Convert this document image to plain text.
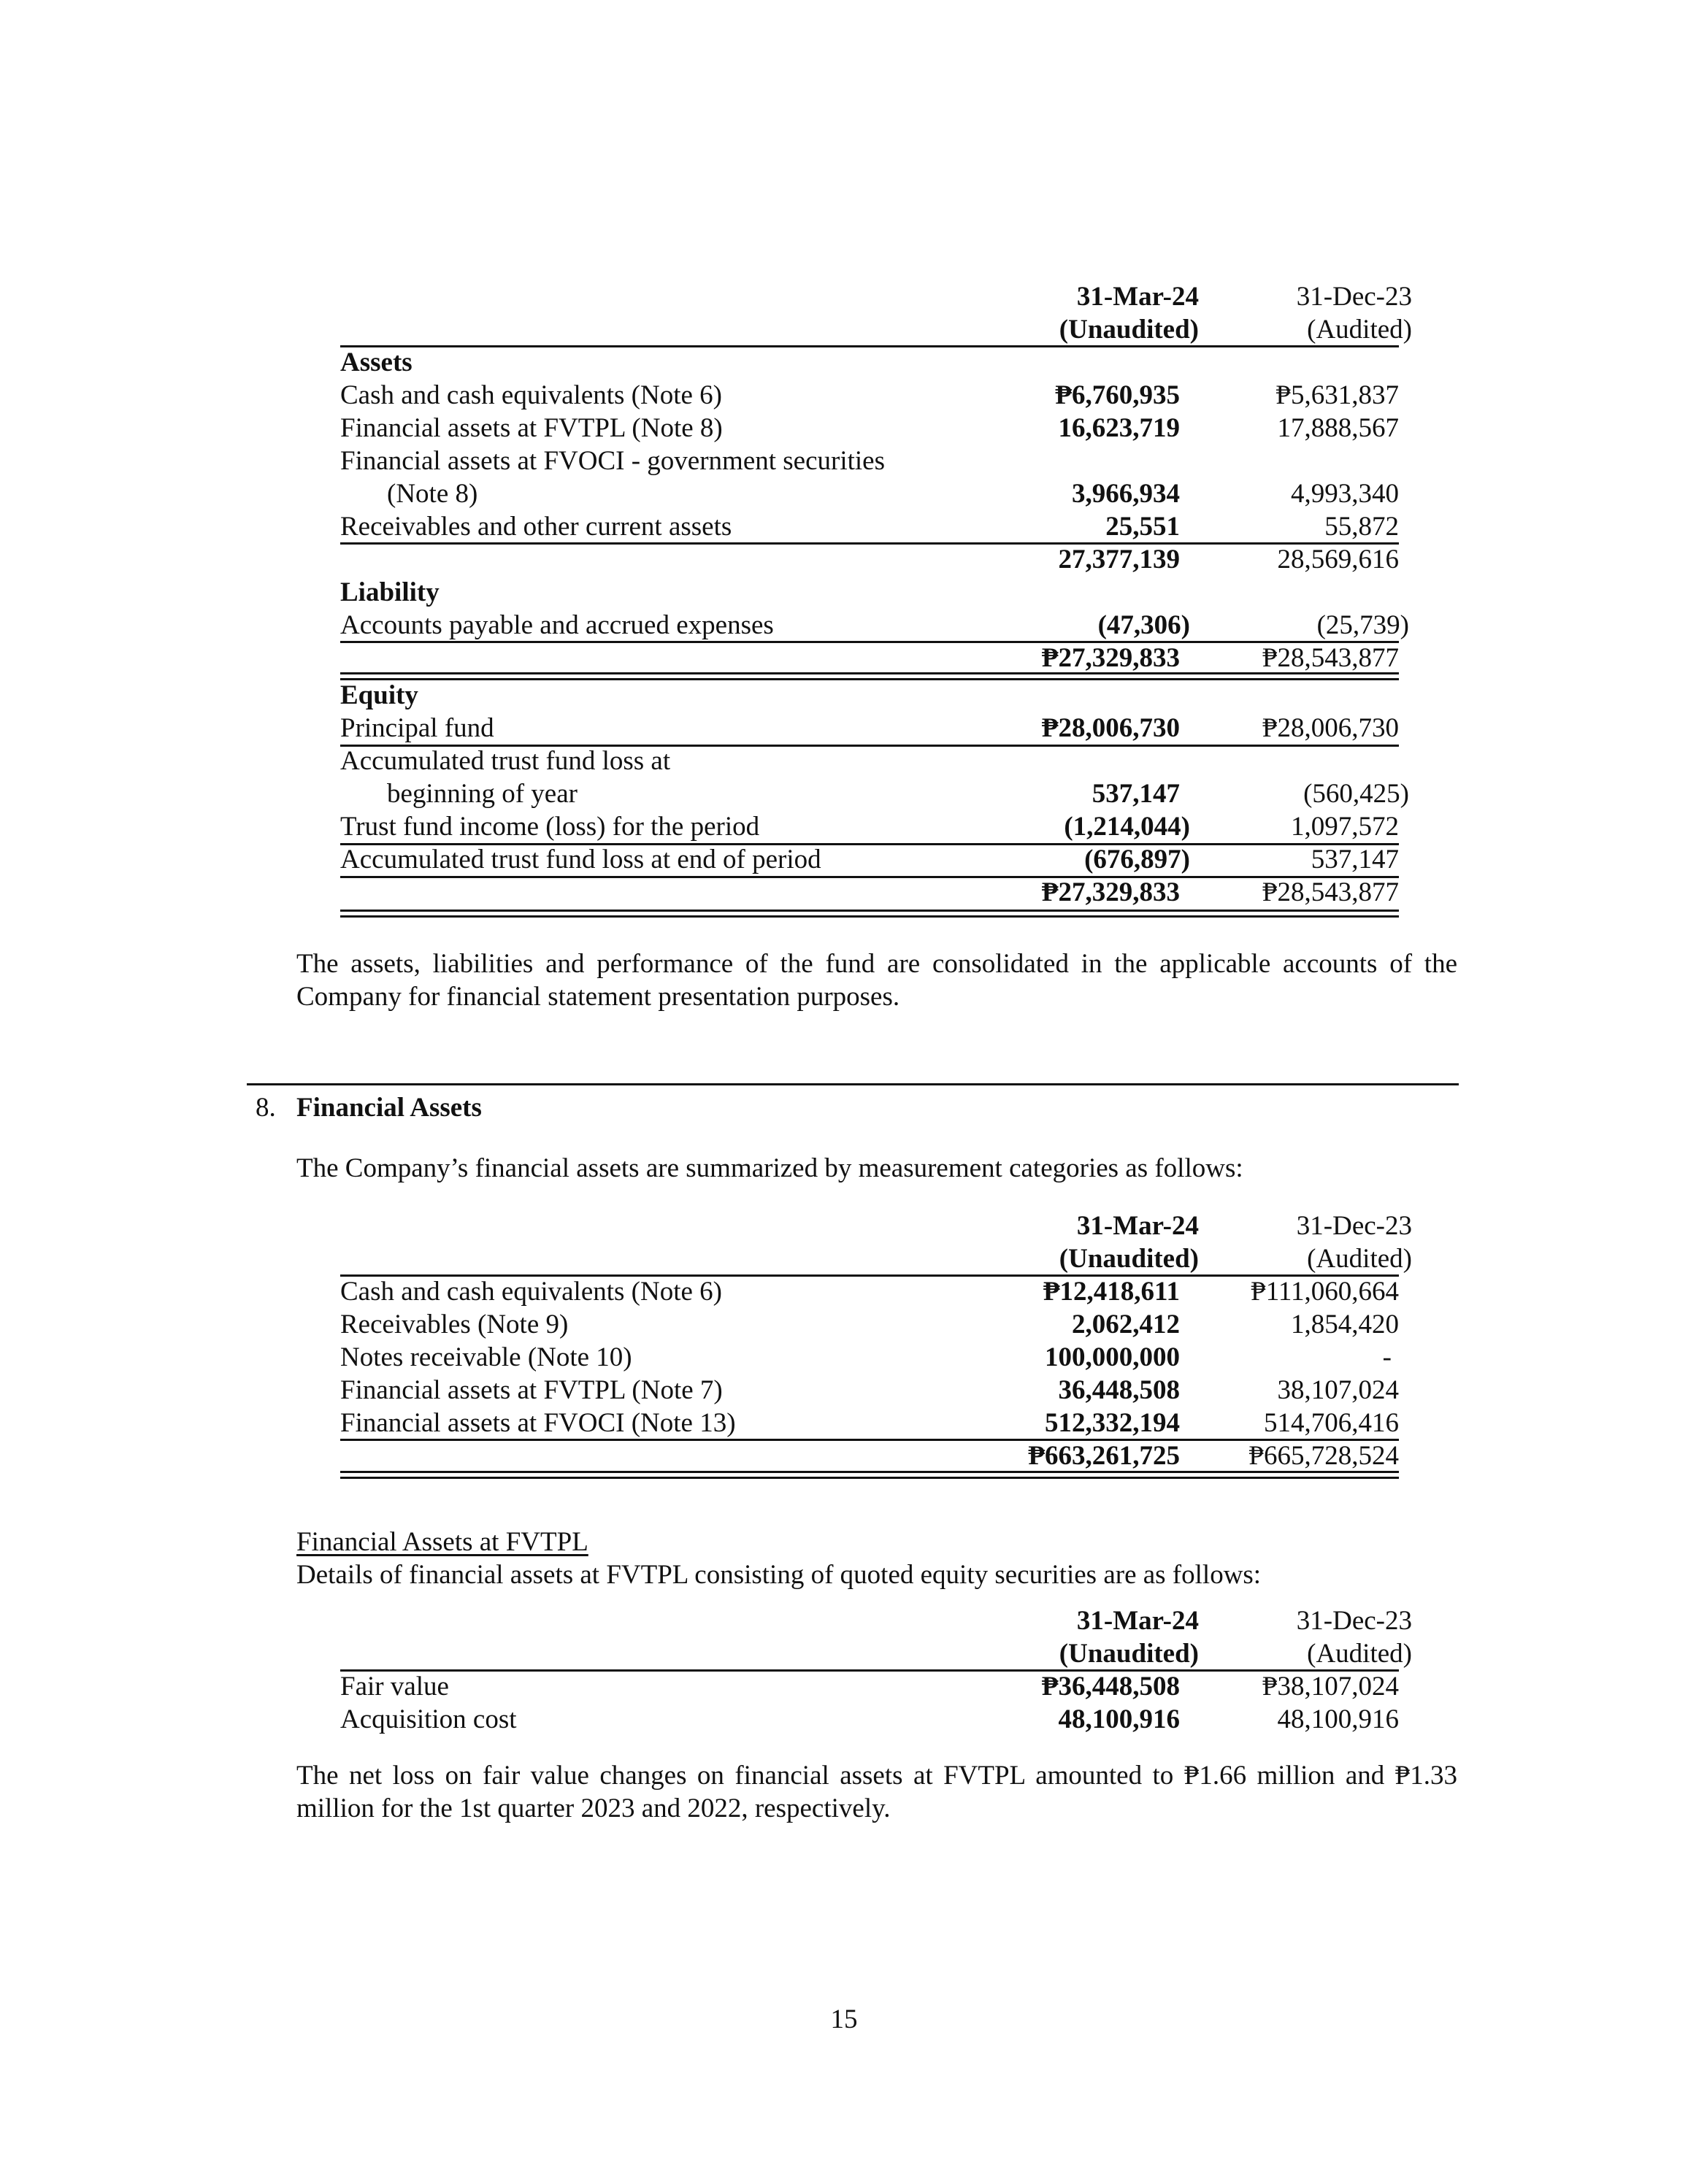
31-Mar-24	31-Dec-23
(Unaudited)	(Audited)
Assets
Cash and cash equivalents (Note 6)	₱6,760,935	₱5,631,837
Financial assets at FVTPL (Note 8)	16,623,719	17,888,567
Financial assets at FVOCI - government securities
(Note 8)	3,966,934	4,993,340
Receivables and other current assets	25,551	55,872
27,377,139	28,569,616
Liability
Accounts payable and accrued expenses	(47,306)	(25,739)
₱27,329,833	₱28,543,877
Equity
Principal fund	₱28,006,730	₱28,006,730
Accumulated trust fund loss at
beginning of year	537,147	(560,425)
Trust fund income (loss) for the period	(1,214,044)	1,097,572
Accumulated trust fund loss at end of period	(676,897)	537,147
₱27,329,833	₱28,543,877
The assets, liabilities and performance of the fund are consolidated in the applicable accounts of the
Company for financial statement presentation purposes.
8. Financial Assets
The Company’s financial assets are summarized by measurement categories as follows:
31-Mar-24	31-Dec-23
(Unaudited)	(Audited)
Cash and cash equivalents (Note 6)	₱12,418,611	₱111,060,664
Receivables (Note 9)	2,062,412	1,854,420
Notes receivable (Note 10)	100,000,000	-
Financial assets at FVTPL (Note 7)	36,448,508	38,107,024
Financial assets at FVOCI (Note 13)	512,332,194	514,706,416
₱663,261,725	₱665,728,524
Financial Assets at FVTPL
Details of financial assets at FVTPL consisting of quoted equity securities are as follows:
31-Mar-24	31-Dec-23
(Unaudited)	(Audited)
Fair value	₱36,448,508	₱38,107,024
Acquisition cost	48,100,916	48,100,916
The net loss on fair value changes on financial assets at FVTPL amounted to ₱1.66 million and ₱1.33
million for the 1st quarter 2023 and 2022, respectively.
15
